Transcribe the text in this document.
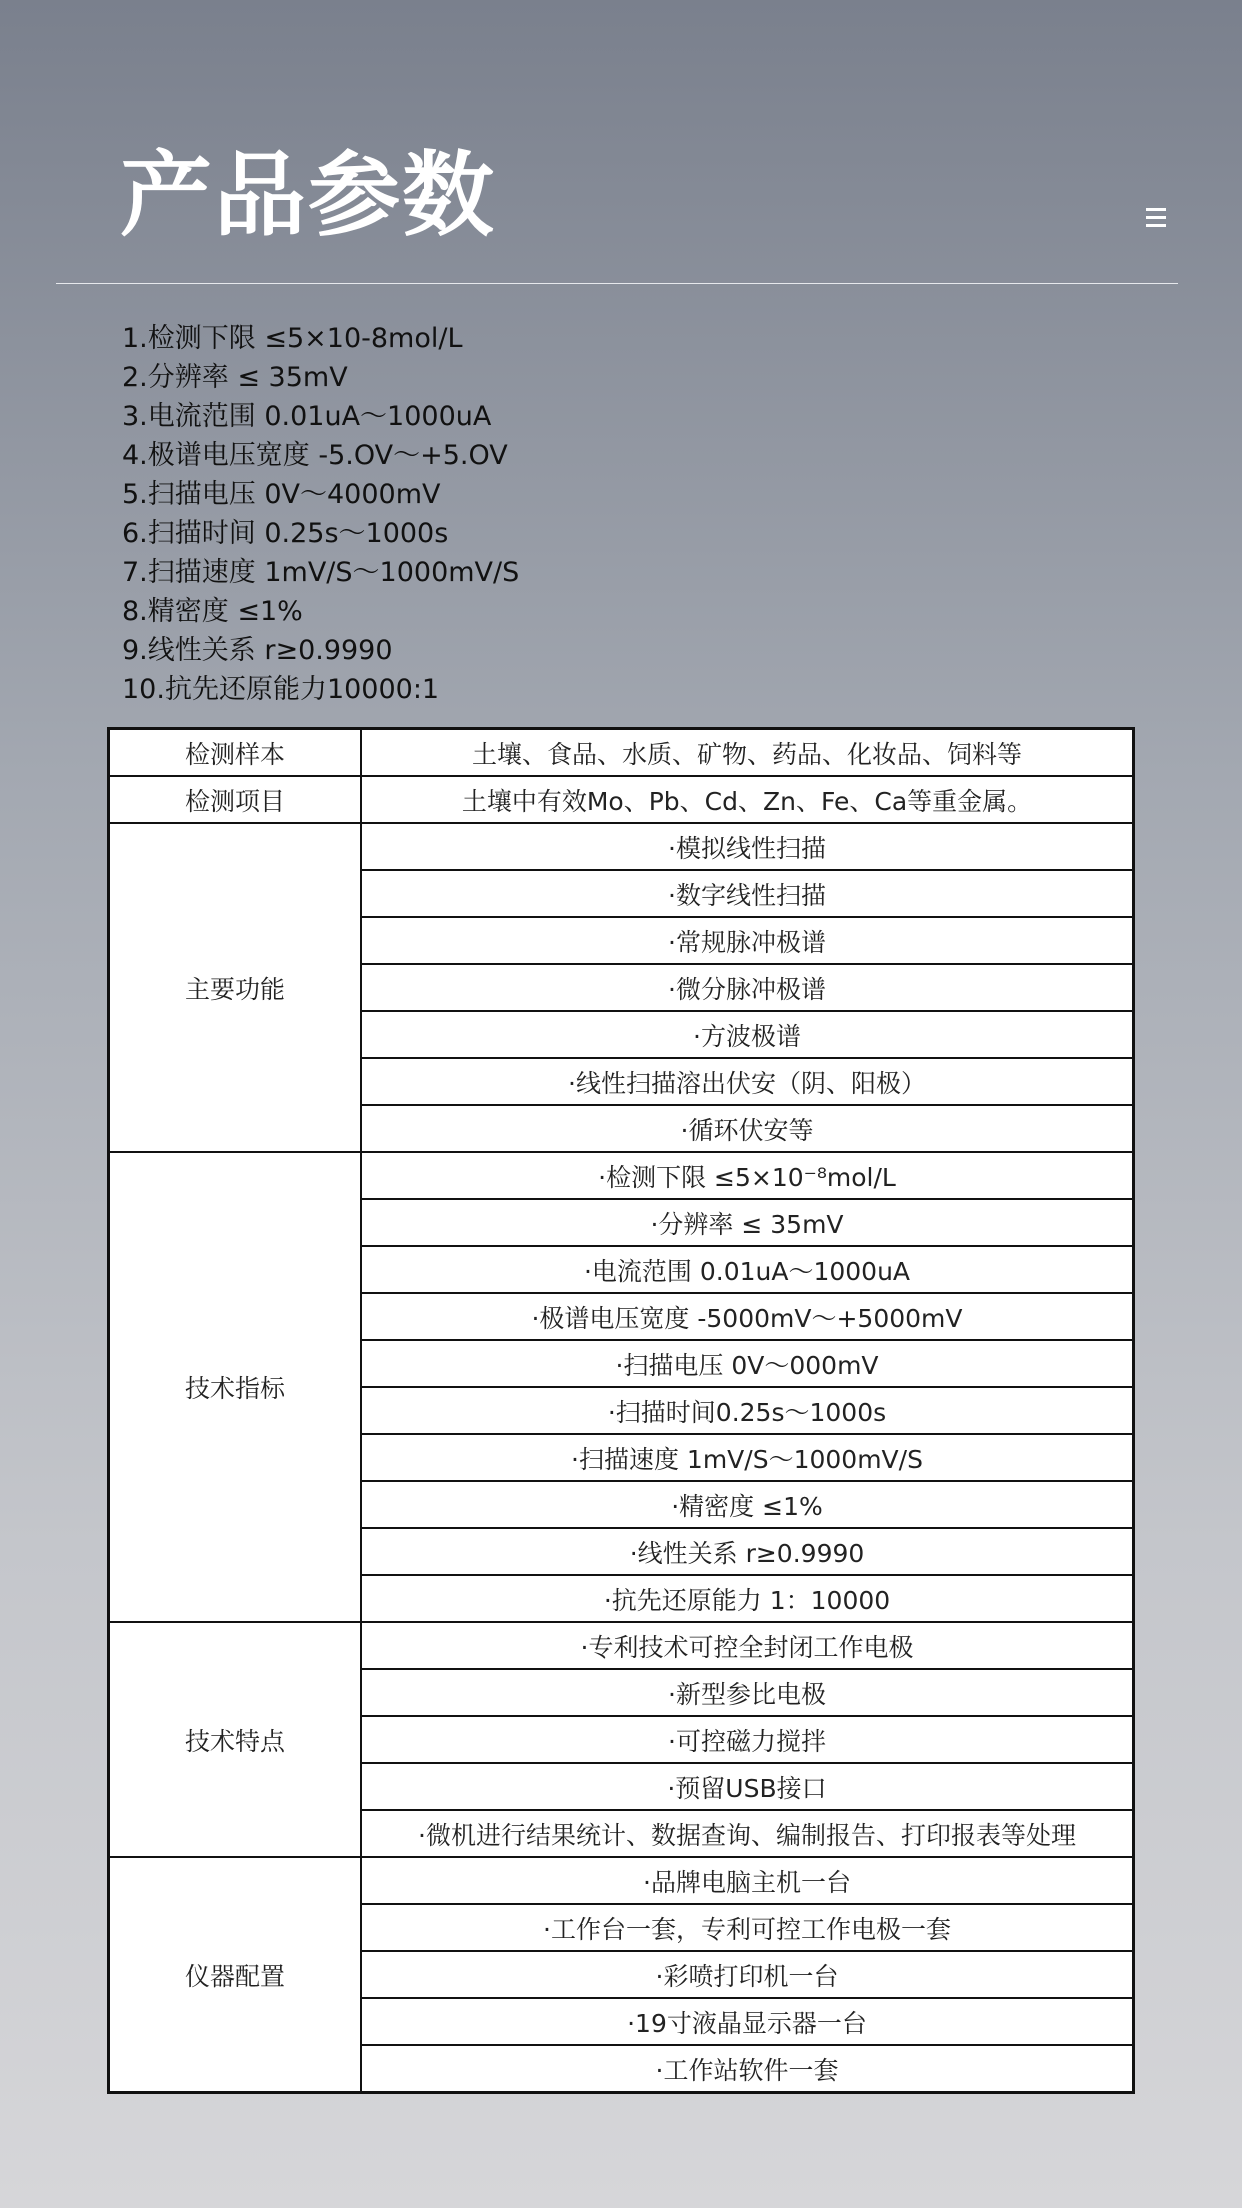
产品参数
1.检测下限 ≤5×10-8mol/L
2.分辨率 ≤ 35mV
3.电流范围 0.01uA～1000uA
4.极谱电压宽度 -5.OV～+5.OV
5.扫描电压 0V～4000mV
6.扫描时间 0.25s～1000s
7.扫描速度 1mV/S～1000mV/S
8.精密度 ≤1%
9.线性关系 r≥0.9990
10.抗先还原能力10000:1
检测样本	土壤、食品、水质、矿物、药品、化妆品、饲料等
检测项目	土壤中有效Mo、Pb、Cd、Zn、Fe、Ca等重金属。
主要功能	·模拟线性扫描
	·数字线性扫描
	·常规脉冲极谱
	·微分脉冲极谱
	·方波极谱
	·线性扫描溶出伏安（阴、阳极）
	·循环伏安等
技术指标	·检测下限 ≤5×10⁻⁸mol/L
	·分辨率 ≤ 35mV
	·电流范围 0.01uA～1000uA
	·极谱电压宽度 -5000mV～+5000mV
	·扫描电压 0V～000mV
	·扫描时间0.25s～1000s
	·扫描速度 1mV/S～1000mV/S
	·精密度 ≤1%
	·线性关系 r≥0.9990
	·抗先还原能力 1：10000
技术特点	·专利技术可控全封闭工作电极
	·新型参比电极
	·可控磁力搅拌
	·预留USB接口
	·微机进行结果统计、数据查询、编制报告、打印报表等处理
仪器配置	·品牌电脑主机一台
	·工作台一套，专利可控工作电极一套
	·彩喷打印机一台
	·19寸液晶显示器一台
	·工作站软件一套
